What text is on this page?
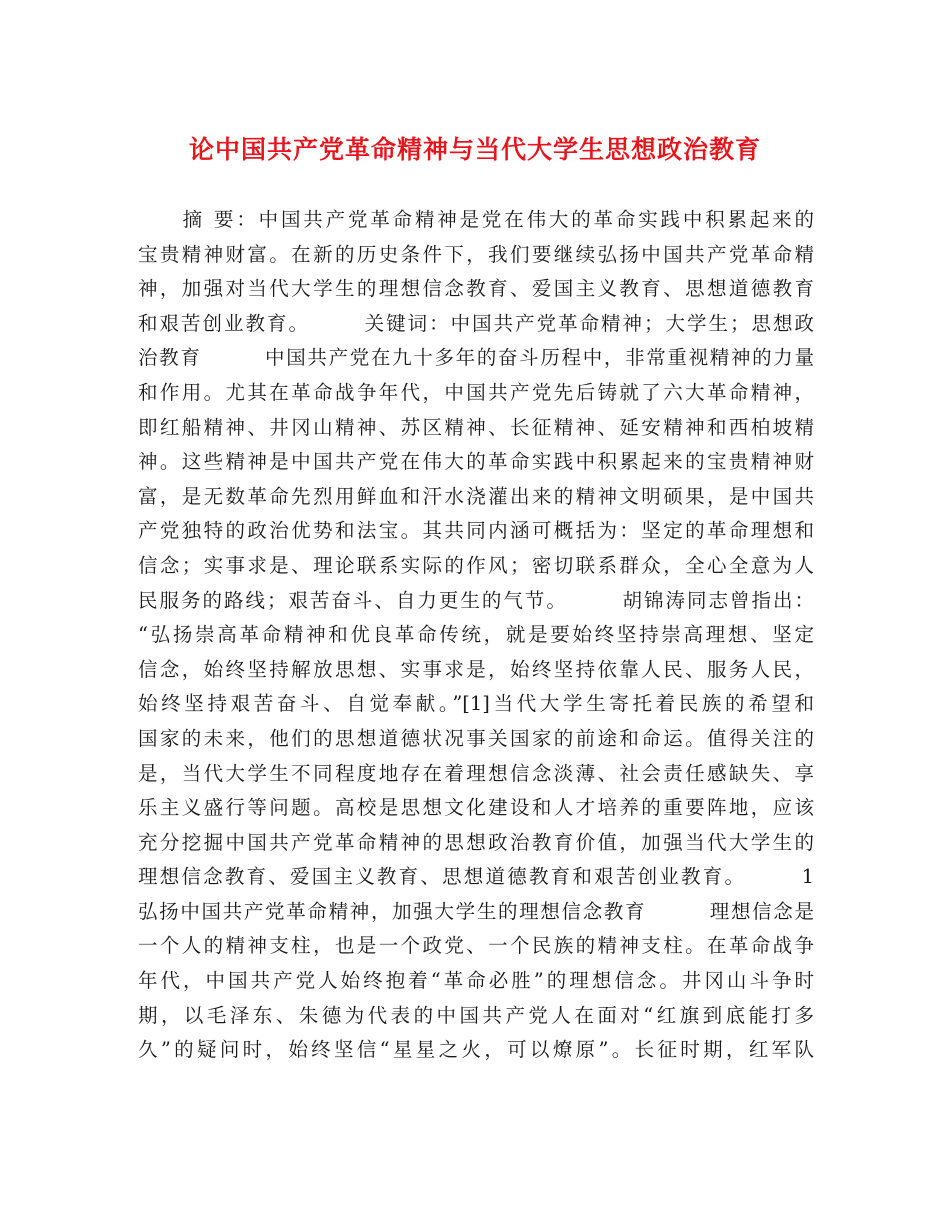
论中国共产党革命精神与当代大学生思想政治教育
　　摘 要：中国共产党革命精神是党在伟大的革命实践中积累起来的
宝贵精神财富。在新的历史条件下，我们要继续弘扬中国共产党革命精
神，加强对当代大学生的理想信念教育、爱国主义教育、思想道德教育
和艰苦创业教育。　　　关键词：中国共产党革命精神；大学生；思想政
治教育　　　中国共产党在九十多年的奋斗历程中，非常重视精神的力量
和作用。尤其在革命战争年代，中国共产党先后铸就了六大革命精神，
即红船精神、井冈山精神、苏区精神、长征精神、延安精神和西柏坡精
神。这些精神是中国共产党在伟大的革命实践中积累起来的宝贵精神财
富，是无数革命先烈用鲜血和汗水浇灌出来的精神文明硕果，是中国共
产党独特的政治优势和法宝。其共同内涵可概括为：坚定的革命理想和
信念；实事求是、理论联系实际的作风；密切联系群众，全心全意为人
民服务的路线；艰苦奋斗、自力更生的气节。　　　胡锦涛同志曾指出：
“弘扬崇高革命精神和优良革命传统，就是要始终坚持崇高理想、坚定
信念，始终坚持解放思想、实事求是，始终坚持依靠人民、服务人民，
始终坚持艰苦奋斗、自觉奉献。”[1]当代大学生寄托着民族的希望和
国家的未来，他们的思想道德状况事关国家的前途和命运。值得关注的
是，当代大学生不同程度地存在着理想信念淡薄、社会责任感缺失、享
乐主义盛行等问题。高校是思想文化建设和人才培养的重要阵地，应该
充分挖掘中国共产党革命精神的思想政治教育价值，加强当代大学生的
理想信念教育、爱国主义教育、思想道德教育和艰苦创业教育。　　　1
弘扬中国共产党革命精神，加强大学生的理想信念教育　　　理想信念是
一个人的精神支柱，也是一个政党、一个民族的精神支柱。在革命战争
年代，中国共产党人始终抱着“革命必胜”的理想信念。井冈山斗争时
期，以毛泽东、朱德为代表的中国共产党人在面对“红旗到底能打多
久”的疑问时，始终坚信“星星之火，可以燎原”。长征时期，红军队
